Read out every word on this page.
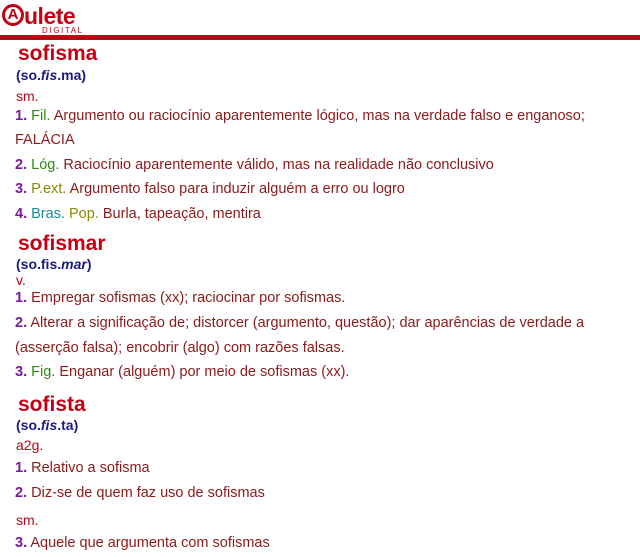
A ulete
DIGITAL
sofisma
(so.fis.ma)
sm.
1. Fil. Argumento ou raciocínio aparentemente lógico, mas na verdade falso e enganoso;
FALÁCIA
2. Lóg. Raciocínio aparentemente válido, mas na realidade não conclusivo
3. P.ext. Argumento falso para induzir alguém a erro ou logro
4. Bras. Pop. Burla, tapeação, mentira
sofismar
(so.fis.mar)
v.
1. Empregar sofismas (xx); raciocinar por sofismas.
2. Alterar a significação de; distorcer (argumento, questão); dar aparências de verdade a
(asserção falsa); encobrir (algo) com razões falsas.
3. Fig. Enganar (alguém) por meio de sofismas (xx).
sofista
(so.fis.ta)
a2g.
1. Relativo a sofisma
2. Diz-se de quem faz uso de sofismas
sm.
3. Aquele que argumenta com sofismas
